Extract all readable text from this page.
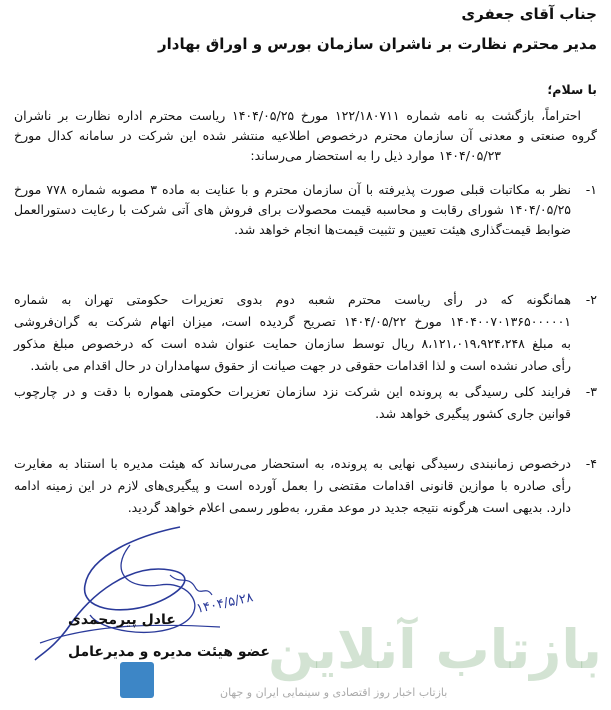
جناب آقای جعفری
مدیر محترم نظارت بر ناشران سازمان بورس و اوراق بهادار
با سلام؛
احتراماً، بازگشت به نامه شماره ۱۲۲/۱۸۰۷۱۱ مورخ ۱۴۰۴/۰۵/۲۵ ریاست محترم اداره نظارت بر ناشران
گروه صنعتی و معدنی آن سازمان محترم درخصوص اطلاعیه منتشر شده این شرکت در سامانه کدال مورخ
۱۴۰۴/۰۵/۲۳ موارد ذیل را به استحضار می‌رساند:
۱-
نظر به مکاتبات قبلی صورت پذیرفته با آن سازمان محترم و با عنایت به ماده ۳ مصوبه شماره ۷۷۸ مورخ
۱۴۰۴/۰۵/۲۵ شورای رقابت و محاسبه قیمت محصولات برای فروش های آتی شرکت با رعایت دستورالعمل
ضوابط قیمت‌گذاری هیئت تعیین و تثبیت قیمت‌ها انجام خواهد شد.
۲-
همانگونه که در رأی ریاست محترم شعبه دوم بدوی تعزیرات حکومتی تهران به شماره
۱۴۰۴۰۰۷۰۱۳۶۵۰۰۰۰۰۱ مورخ ۱۴۰۴/۰۵/۲۲ تصریح گردیده است، میزان اتهام شرکت به گران‌فروشی
به مبلغ ۸،۱۲۱،۰۱۹،۹۲۴،۲۴۸ ریال توسط سازمان حمایت عنوان شده است که درخصوص مبلغ مذکور
رأی صادر نشده است و لذا اقدامات حقوقی در جهت صیانت از حقوق سهامداران در حال اقدام می باشد.
۳-
فرایند کلی رسیدگی به پرونده این شرکت نزد سازمان تعزیرات حکومتی همواره با دقت و در چارچوب
قوانین جاری کشور پیگیری خواهد شد.
۴-
درخصوص زمانبندی رسیدگی نهایی به پرونده، به استحضار می‌رساند که هیئت مدیره با استناد به مغایرت
رأی صادره با موازین قانونی اقدامات مقتضی را بعمل آورده است و پیگیری‌های لازم در این زمینه ادامه
دارد. بدیهی است هرگونه نتیجه جدید در موعد مقرر، به‌طور رسمی اعلام خواهد گردید.
بازتاب آنلاین
بازتاب اخبار روز اقتصادی و سینمایی ایران و جهان
۱۴۰۴/۵/۲۸
عادل پیرمحمدی
عضو هیئت مدیره و مدیرعامل
